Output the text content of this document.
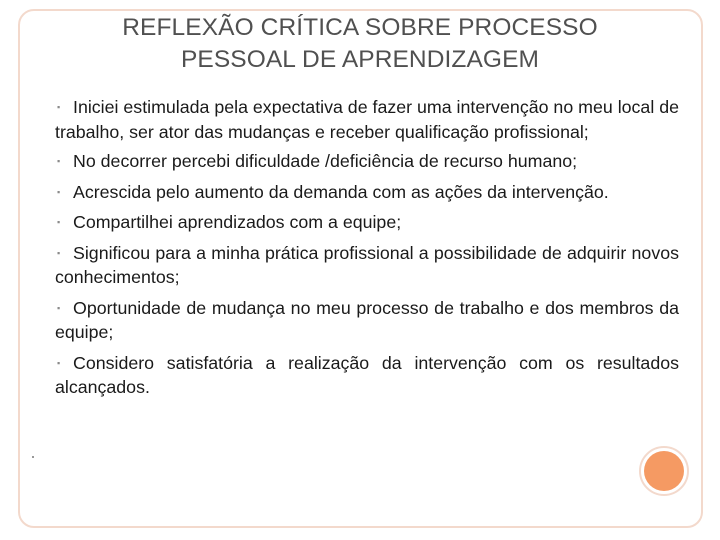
REFLEXÃO CRÍTICA SOBRE PROCESSO
PESSOAL DE APRENDIZAGEM
▪ Iniciei estimulada pela expectativa de fazer uma intervenção no meu local de trabalho, ser ator das mudanças e receber qualificação profissional;
▪ No decorrer percebi dificuldade /deficiência de recurso humano;
▪ Acrescida pelo aumento da demanda com as ações da intervenção.
▪ Compartilhei aprendizados com a equipe;
▪ Significou para a minha prática profissional a possibilidade de adquirir novos conhecimentos;
▪ Oportunidade de mudança no meu processo de trabalho e dos membros da equipe;
▪ Considero satisfatória a realização da intervenção com os resultados alcançados.
